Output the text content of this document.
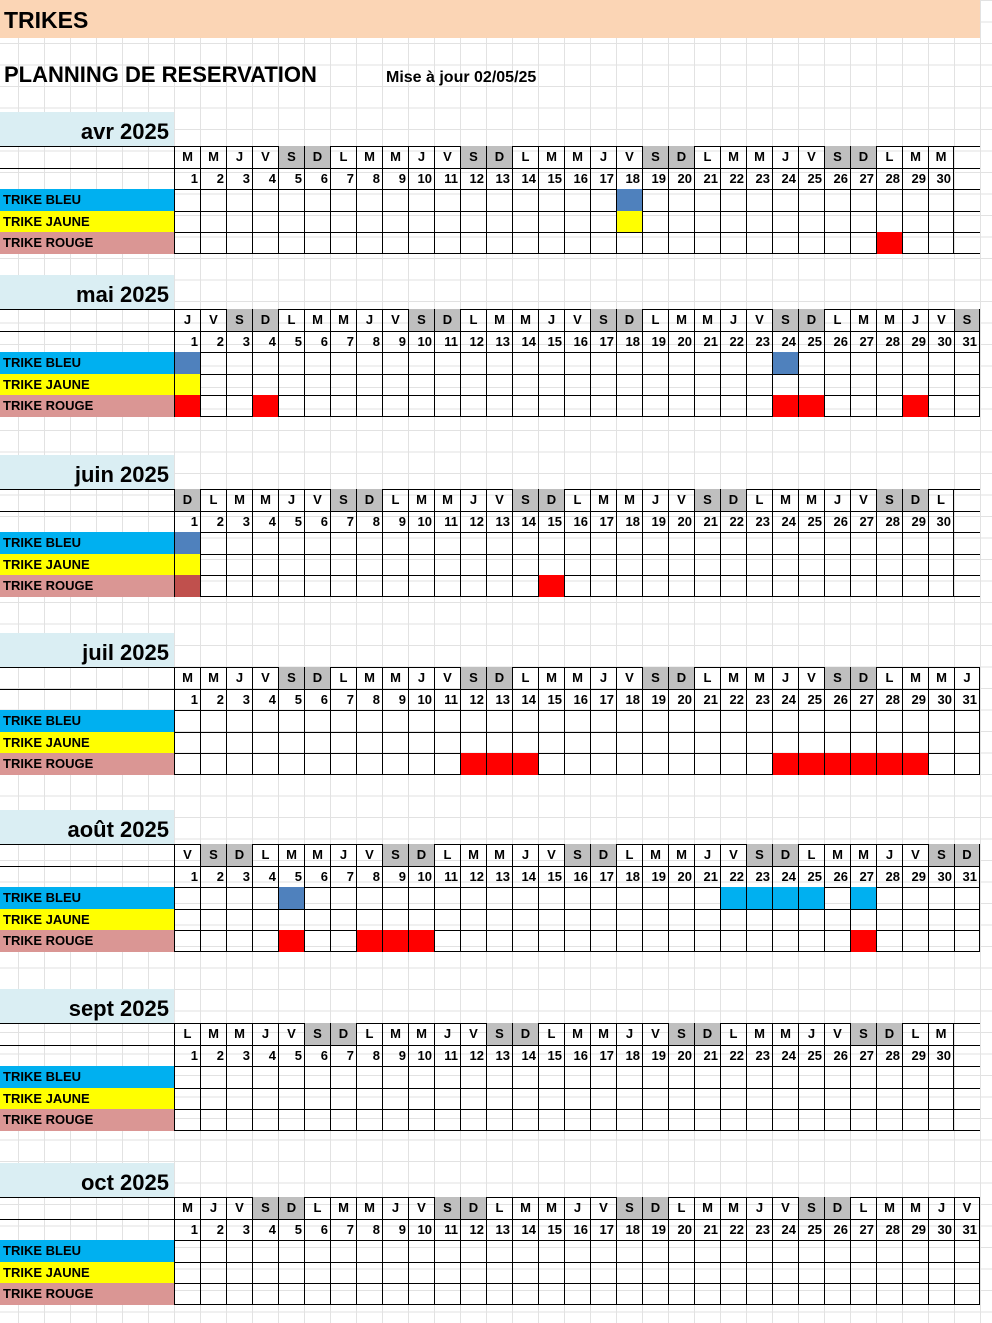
TRIKES
PLANNING DE RESERVATION	Mise à jour 02/05/25
avr 2025
M	M	J	V	S	D	L	M	M	J	V	S	D	L	M	M	J	V	S	D	L	M	M	J	V	S	D	L	M	M
1	2	3	4	5	6	7	8	9 10 11 12 13 14 15 16 17 18 19 20 21 22 23 24 25 26 27 28 29 30
TRIKE BLEU
TRIKE JAUNE
TRIKE ROUGE
mai 2025
J	V	S	D	L	M	M	J	V	S	D	L	M	M	J	V	S	D	L	M	M	J	V	S	D	L	M	M	J	V	S
1	2	3	4	5	6	7	8	9 10 11 12 13 14 15 16 17 18 19 20 21 22 23 24 25 26 27 28 29 30 31
TRIKE BLEU
TRIKE JAUNE
TRIKE ROUGE
juin 2025
D	L	M	M	J	V	S	D	L	M	M	J	V	S	D	L	M	M	J	V	S	D	L	M	M	J	V	S	D	L
1	2	3	4	5	6	7	8	9 10 11 12 13 14 15 16 17 18 19 20 21 22 23 24 25 26 27 28 29 30
TRIKE BLEU
TRIKE JAUNE
TRIKE ROUGE
juil 2025
M	M	J	V	S	D	L	M	M	J	V	S	D	L	M	M	J	V	S	D	L	M	M	J	V	S	D	L	M	M	J
1	2	3	4	5	6	7	8	9 10 11 12 13 14 15 16 17 18 19 20 21 22 23 24 25 26 27 28 29 30 31
TRIKE BLEU
TRIKE JAUNE
TRIKE ROUGE
août 2025
V	S	D	L	M	M	J	V	S	D	L	M	M	J	V	S	D	L	M	M	J	V	S	D	L	M	M	J	V	S	D
1	2	3	4	5	6	7	8	9 10 11 12 13 14 15 16 17 18 19 20 21 22 23 24 25 26 27 28 29 30 31
TRIKE BLEU
TRIKE JAUNE
TRIKE ROUGE
sept 2025
L	M	M	J	V	S	D	L	M	M	J	V	S	D	L	M	M	J	V	S	D	L	M	M	J	V	S	D	L	M
1	2	3	4	5	6	7	8	9 10 11 12 13 14 15 16 17 18 19 20 21 22 23 24 25 26 27 28 29 30
TRIKE BLEU
TRIKE JAUNE
TRIKE ROUGE
oct 2025
M	J	V	S	D	L	M	M	J	V	S	D	L	M	M	J	V	S	D	L	M	M	J	V	S	D	L	M	M	J	V
1	2	3	4	5	6	7	8	9 10 11 12 13 14 15 16 17 18 19 20 21 22 23 24 25 26 27 28 29 30 31
TRIKE BLEU
TRIKE JAUNE
TRIKE ROUGE
